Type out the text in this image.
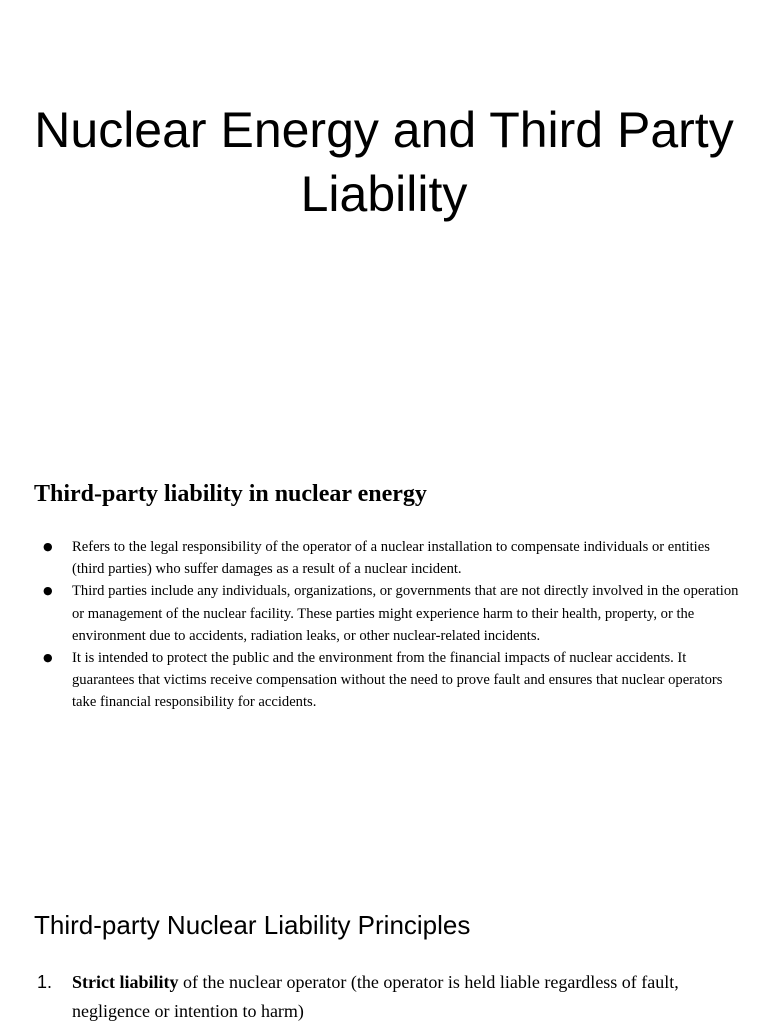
Nuclear Energy and Third Party Liability
Third-party liability in nuclear energy
● Refers to the legal responsibility of the operator of a nuclear installation to compensate individuals or entities (third parties) who suffer damages as a result of a nuclear incident.
● Third parties include any individuals, organizations, or governments that are not directly involved in the operation or management of the nuclear facility. These parties might experience harm to their health, property, or the environment due to accidents, radiation leaks, or other nuclear-related incidents.
● It is intended to protect the public and the environment from the financial impacts of nuclear accidents. It guarantees that victims receive compensation without the need to prove fault and ensures that nuclear operators take financial responsibility for accidents.
Third-party Nuclear Liability Principles
1. Strict liability of the nuclear operator (the operator is held liable regardless of fault, negligence or intention to harm)
